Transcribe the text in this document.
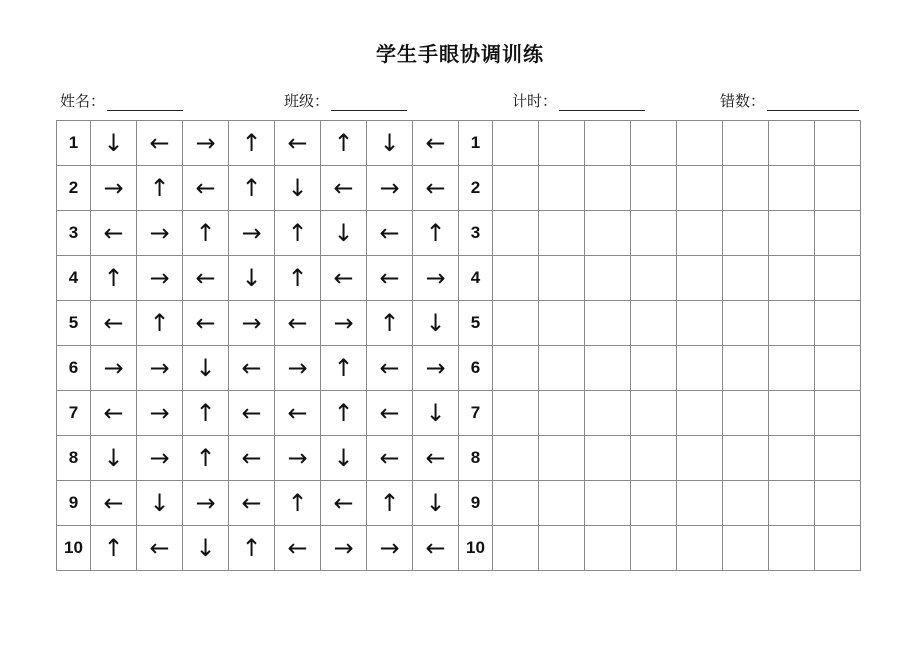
学生手眼协调训练
姓名：	班级：	计时：	错数：
1	↓	←	→	↑	←	↑	↓	←	1								
2	→	↑	←	↑	↓	←	→	←	2								
3	←	→	↑	→	↑	↓	←	↑	3								
4	↑	→	←	↓	↑	←	←	→	4								
5	←	↑	←	→	←	→	↑	↓	5								
6	→	→	↓	←	→	↑	←	→	6								
7	←	→	↑	←	←	↑	←	↓	7								
8	↓	→	↑	←	→	↓	←	←	8								
9	←	↓	→	←	↑	←	↑	↓	9								
10	↑	←	↓	↑	←	→	→	←	10								
